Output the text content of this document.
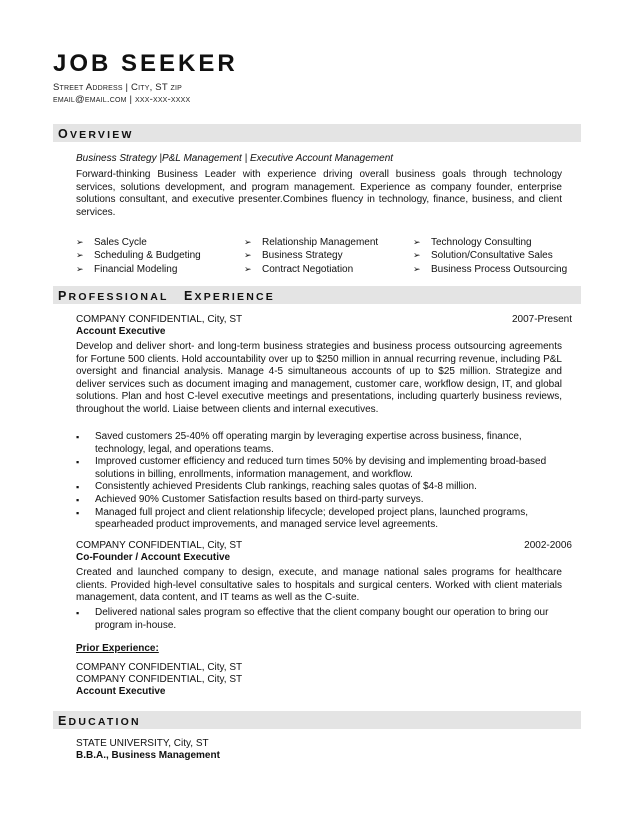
JOB SEEKER
Street Address | City, ST zip
email@email.com | xxx-xxx-xxxx
OVERVIEW
Business Strategy |P&L Management | Executive Account Management
Forward-thinking Business Leader with experience driving overall business goals through technology services, solutions development, and program management. Experience as company founder, enterprise solutions consultant, and executive presenter.Combines fluency in technology, finance, business, and client services.
➢ Sales Cycle
➢ Scheduling & Budgeting
➢ Financial Modeling
➢ Relationship Management
➢ Business Strategy
➢ Contract Negotiation
➢ Technology Consulting
➢ Solution/Consultative Sales
➢ Business Process Outsourcing
PROFESSIONAL EXPERIENCE
COMPANY CONFIDENTIAL, City, ST	2007-Present
Account Executive
Develop and deliver short- and long-term business strategies and business process outsourcing agreements for Fortune 500 clients. Hold accountability over up to $250 million in annual recurring revenue, including P&L oversight and financial analysis. Manage 4-5 simultaneous accounts of up to $25 million. Strategize and deliver services such as document imaging and management, customer care, workflow design, IT, and global solutions. Plan and host C-level executive meetings and presentations, including quarterly business reviews, throughout the world. Liaise between clients and internal executives.
▪ Saved customers 25-40% off operating margin by leveraging expertise across business, finance, technology, legal, and operations teams.
▪ Improved customer efficiency and reduced turn times 50% by devising and implementing broad-based solutions in billing, enrollments, information management, and workflow.
▪ Consistently achieved Presidents Club rankings, reaching sales quotas of $4-8 million.
▪ Achieved 90% Customer Satisfaction results based on third-party surveys.
▪ Managed full project and client relationship lifecycle; developed project plans, launched programs, spearheaded product improvements, and managed service level agreements.
COMPANY CONFIDENTIAL, City, ST	2002-2006
Co-Founder / Account Executive
Created and launched company to design, execute, and manage national sales programs for healthcare clients. Provided high-level consultative sales to hospitals and surgical centers. Worked with client materials management, data content, and IT teams as well as the C-suite.
▪ Delivered national sales program so effective that the client company bought our operation to bring our program in-house.
Prior Experience:
COMPANY CONFIDENTIAL, City, ST
COMPANY CONFIDENTIAL, City, ST
Account Executive
EDUCATION
STATE UNIVERSITY, City, ST
B.B.A., Business Management
